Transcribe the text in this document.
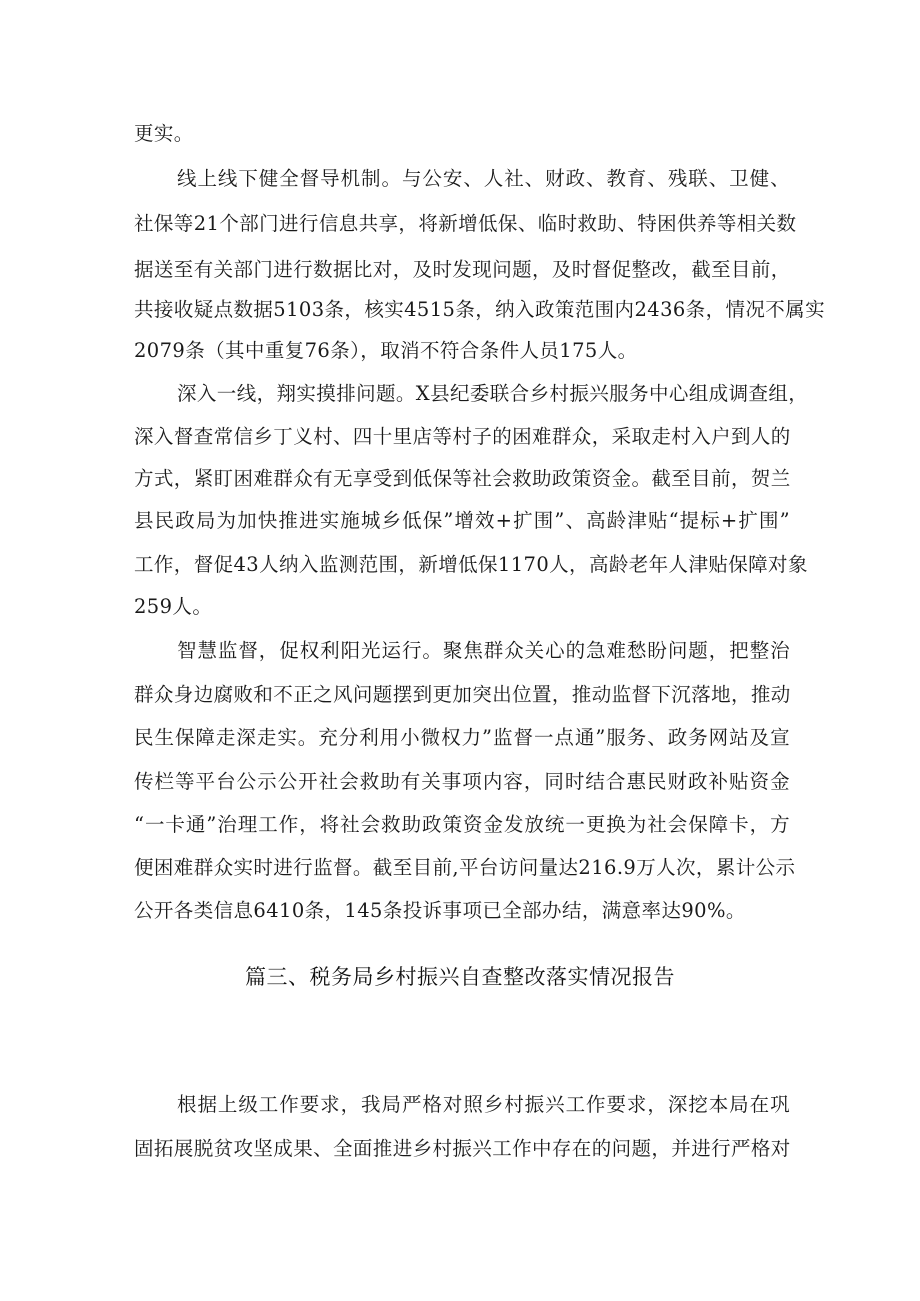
更实。
线上线下健全督导机制。与公安、人社、财政、教育、残联、卫健、
社保等21个部门进行信息共享，将新增低保、临时救助、特困供养等相关数
据送至有关部门进行数据比对，及时发现问题，及时督促整改，截至目前，
共接收疑点数据5103条，核实4515条，纳入政策范围内2436条，情况不属实
2079条（其中重复76条），取消不符合条件人员175人。
深入一线，翔实摸排问题。X县纪委联合乡村振兴服务中心组成调查组，
深入督查常信乡丁义村、四十里店等村子的困难群众，采取走村入户到人的
方式，紧盯困难群众有无享受到低保等社会救助政策资金。截至目前，贺兰
县民政局为加快推进实施城乡低保”增效+扩围”、高龄津贴“提标+扩围”
工作，督促43人纳入监测范围，新增低保1170人，高龄老年人津贴保障对象
259人。
智慧监督，促权利阳光运行。聚焦群众关心的急难愁盼问题，把整治
群众身边腐败和不正之风问题摆到更加突出位置，推动监督下沉落地，推动
民生保障走深走实。充分利用小微权力”监督一点通”服务、政务网站及宣
传栏等平台公示公开社会救助有关事项内容，同时结合惠民财政补贴资金
“一卡通”治理工作，将社会救助政策资金发放统一更换为社会保障卡，方
便困难群众实时进行监督。截至目前,平台访问量达216.9万人次，累计公示
公开各类信息6410条，145条投诉事项已全部办结，满意率达90%。
篇三、税务局乡村振兴自查整改落实情况报告
根据上级工作要求，我局严格对照乡村振兴工作要求，深挖本局在巩
固拓展脱贫攻坚成果、全面推进乡村振兴工作中存在的问题，并进行严格对
